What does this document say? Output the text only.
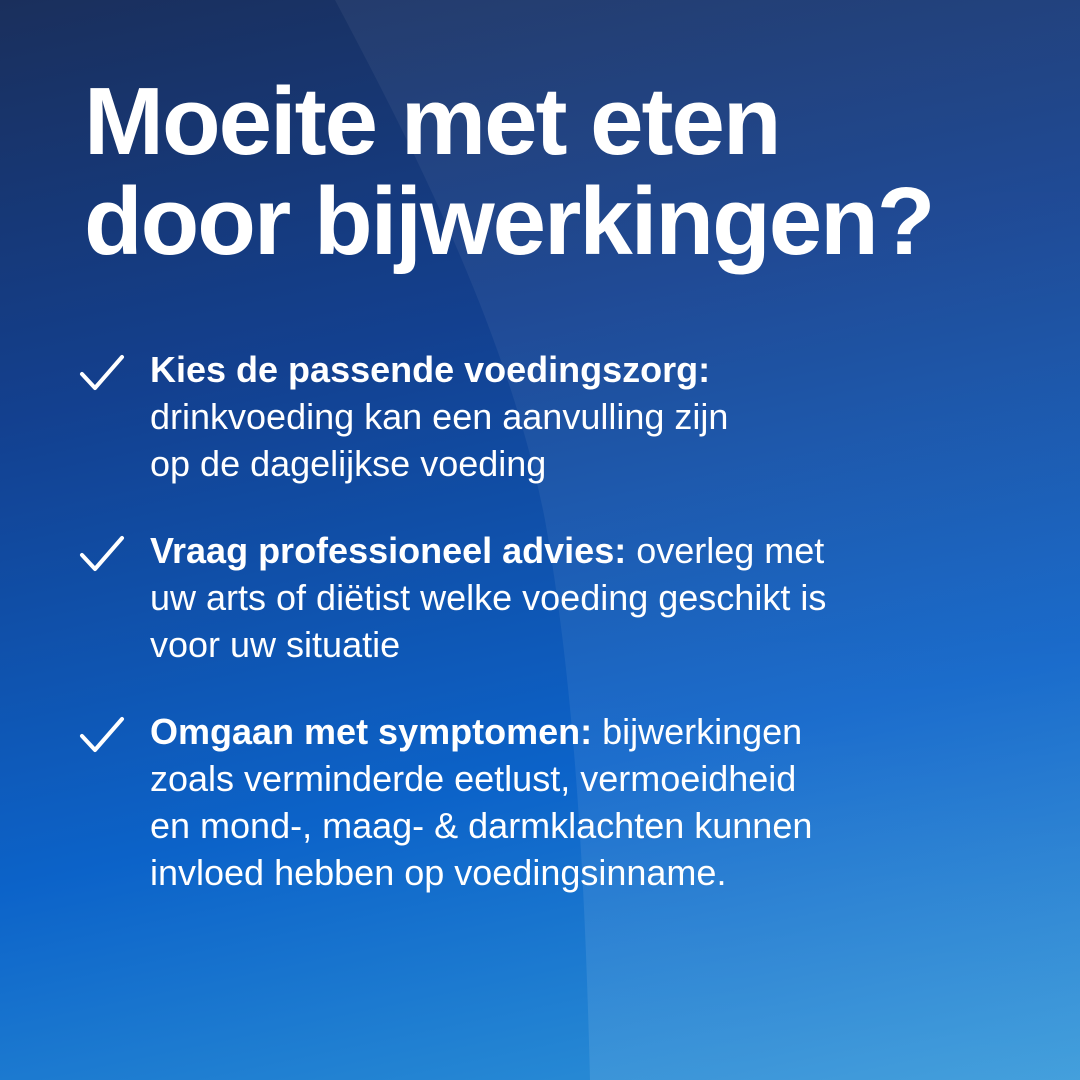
Moeite met eten
door bijwerkingen?
Kies de passende voedingszorg:
drinkvoeding kan een aanvulling zijn
op de dagelijkse voeding
Vraag professioneel advies: overleg met
uw arts of diëtist welke voeding geschikt is
voor uw situatie
Omgaan met symptomen: bijwerkingen
zoals verminderde eetlust, vermoeidheid
en mond-, maag- & darmklachten kunnen
invloed hebben op voedingsinname.
